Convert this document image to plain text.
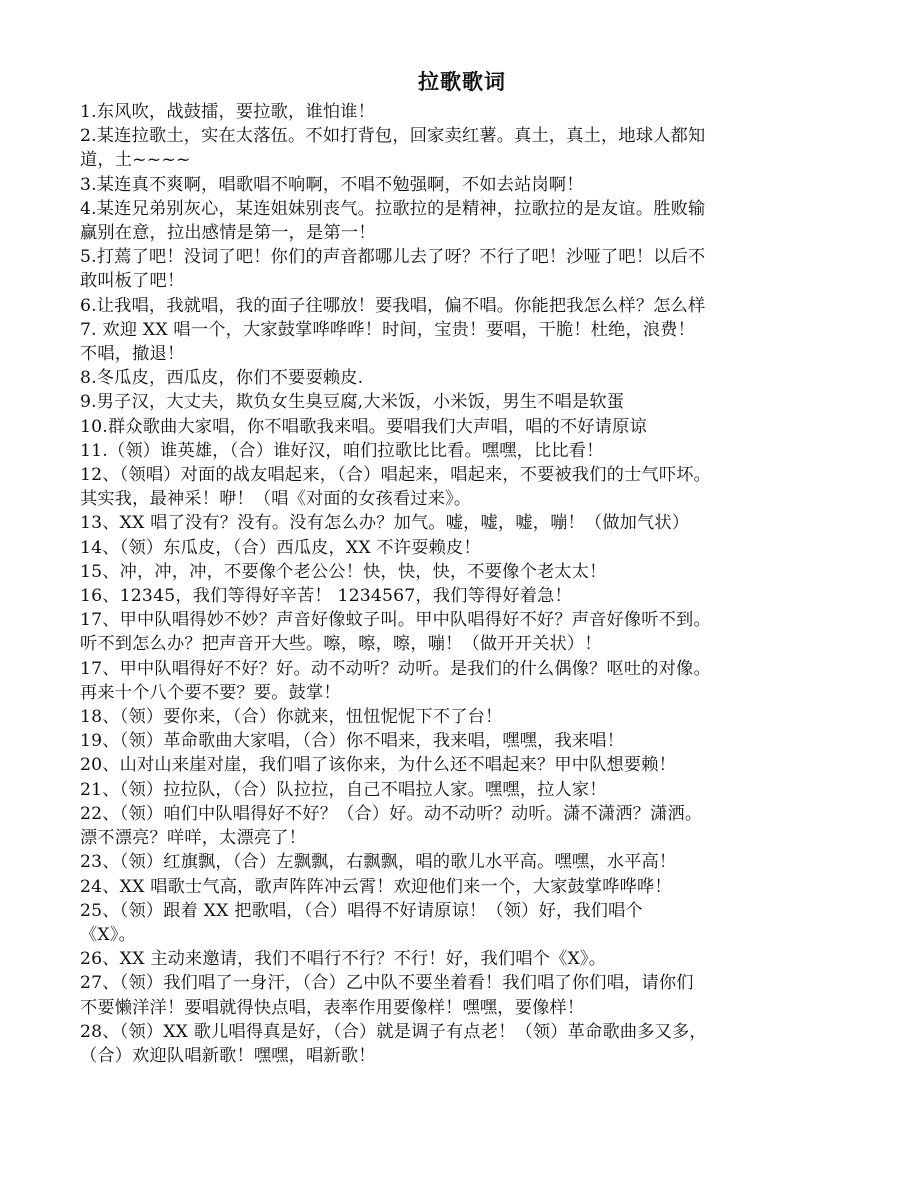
拉歌歌词
1.东风吹，战鼓擂，要拉歌，谁怕谁！
2.某连拉歌土，实在太落伍。不如打背包，回家卖红薯。真土，真土，地球人都知
道，土~~~~
3.某连真不爽啊，唱歌唱不响啊，不唱不勉强啊，不如去站岗啊！
4.某连兄弟别灰心，某连姐妹别丧气。拉歌拉的是精神，拉歌拉的是友谊。胜败输
赢别在意，拉出感情是第一，是第一！
5.打蔫了吧！没词了吧！你们的声音都哪儿去了呀？不行了吧！沙哑了吧！以后不
敢叫板了吧！
6.让我唱，我就唱，我的面子往哪放！要我唱，偏不唱。你能把我怎么样？怎么样
7. 欢迎 XX 唱一个，大家鼓掌哗哗哗！时间，宝贵！要唱，干脆！杜绝，浪费！
不唱，撤退！
8.冬瓜皮，西瓜皮，你们不要耍赖皮.
9.男子汉，大丈夫，欺负女生臭豆腐,大米饭，小米饭，男生不唱是软蛋
10.群众歌曲大家唱，你不唱歌我来唱。要唱我们大声唱，唱的不好请原谅
11.（领）谁英雄，（合）谁好汉，咱们拉歌比比看。嘿嘿，比比看！
12、（领唱）对面的战友唱起来，（合）唱起来，唱起来，不要被我们的士气吓坏。
其实我，最神采！咿！（唱《对面的女孩看过来》。
13、XX 唱了没有？没有。没有怎么办？加气。嘘，嘘，嘘，嘣！（做加气状）
14、（领）东瓜皮，（合）西瓜皮，XX 不许耍赖皮！
15、冲，冲，冲，不要像个老公公！快，快，快，不要像个老太太！
16、12345，我们等得好辛苦！ 1234567，我们等得好着急！
17、甲中队唱得妙不妙？声音好像蚊子叫。甲中队唱得好不好？声音好像听不到。
听不到怎么办？把声音开大些。嚓，嚓，嚓，嘣！（做开开关状）！
17、甲中队唱得好不好？好。动不动听？动听。是我们的什么偶像？呕吐的对像。
再来十个八个要不要？要。鼓掌！
18、（领）要你来，（合）你就来，忸忸怩怩下不了台！
19、（领）革命歌曲大家唱，（合）你不唱来，我来唱，嘿嘿，我来唱！
20、山对山来崖对崖，我们唱了该你来，为什么还不唱起来？甲中队想要赖！
21、（领）拉拉队，（合）队拉拉，自己不唱拉人家。嘿嘿，拉人家！
22、（领）咱们中队唱得好不好？（合）好。动不动听？动听。潇不潇洒？潇洒。
漂不漂亮？咩咩，太漂亮了！
23、（领）红旗飘，（合）左飘飘，右飘飘，唱的歌儿水平高。嘿嘿，水平高！
24、XX 唱歌士气高，歌声阵阵冲云霄！欢迎他们来一个，大家鼓掌哗哗哗！
25、（领）跟着 XX 把歌唱，（合）唱得不好请原谅！（领）好，我们唱个
《X》。
26、XX 主动来邀请，我们不唱行不行？不行！好，我们唱个《X》。
27、（领）我们唱了一身汗，（合）乙中队不要坐着看！我们唱了你们唱，请你们
不要懒洋洋！要唱就得快点唱，表率作用要像样！嘿嘿，要像样！
28、（领）XX 歌儿唱得真是好，（合）就是调子有点老！（领）革命歌曲多又多，
（合）欢迎队唱新歌！嘿嘿，唱新歌！
